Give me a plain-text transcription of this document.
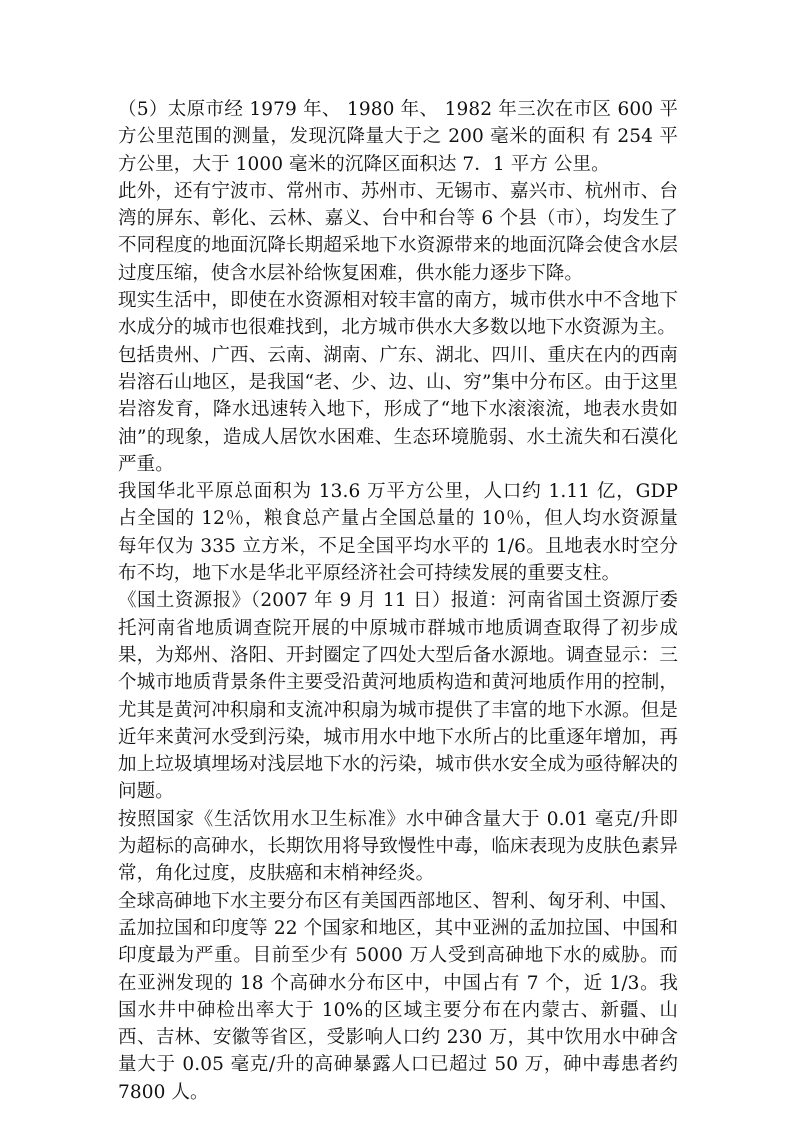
（5）太原市经 1979 年、 1980 年、 1982 年三次在市区 600 平方公里范围的测量，发现沉降量大于之 200 毫米的面积 有 254 平方公里，大于 1000 毫米的沉降区面积达 7．1 平方 公里。

此外，还有宁波市、常州市、苏州市、无锡市、嘉兴市、杭州市、台湾的屏东、彰化、云林、嘉义、台中和台等 6 个县（市），均发生了不同程度的地面沉降长期超采地下水资源带来的地面沉降会使含水层过度压缩，使含水层补给恢复困难，供水能力逐步下降。

现实生活中，即使在水资源相对较丰富的南方，城市供水中不含地下水成分的城市也很难找到，北方城市供水大多数以地下水资源为主。

包括贵州、广西、云南、湖南、广东、湖北、四川、重庆在内的西南岩溶石山地区，是我国“老、少、边、山、穷”集中分布区。由于这里岩溶发育，降水迅速转入地下，形成了“地下水滚滚流，地表水贵如油”的现象，造成人居饮水困难、生态环境脆弱、水土流失和石漠化严重。

我国华北平原总面积为 13.6 万平方公里，人口约 1.11 亿，GDP 占全国的 12％，粮食总产量占全国总量的 10％，但人均水资源量每年仅为 335 立方米，不足全国平均水平的 1/6。且地表水时空分布不均，地下水是华北平原经济社会可持续发展的重要支柱。

《国土资源报》（2007 年 9 月 11 日）报道：河南省国土资源厅委托河南省地质调查院开展的中原城市群城市地质调查取得了初步成果，为郑州、洛阳、开封圈定了四处大型后备水源地。调查显示：三个城市地质背景条件主要受沿黄河地质构造和黄河地质作用的控制，尤其是黄河冲积扇和支流冲积扇为城市提供了丰富的地下水源。但是近年来黄河水受到污染，城市用水中地下水所占的比重逐年增加，再加上垃圾填埋场对浅层地下水的污染，城市供水安全成为亟待解决的问题。

按照国家《生活饮用水卫生标准》水中砷含量大于 0.01 毫克/升即为超标的高砷水，长期饮用将导致慢性中毒，临床表现为皮肤色素异常，角化过度，皮肤癌和末梢神经炎。

全球高砷地下水主要分布区有美国西部地区、智利、匈牙利、中国、孟加拉国和印度等 22 个国家和地区，其中亚洲的孟加拉国、中国和印度最为严重。目前至少有 5000 万人受到高砷地下水的威胁。而在亚洲发现的 18 个高砷水分布区中，中国占有 7 个，近 1/3。我国水井中砷检出率大于 10%的区域主要分布在内蒙古、新疆、山西、吉林、安徽等省区，受影响人口约 230 万，其中饮用水中砷含量大于 0.05 毫克/升的高砷暴露人口已超过 50 万，砷中毒患者约 7800 人。
